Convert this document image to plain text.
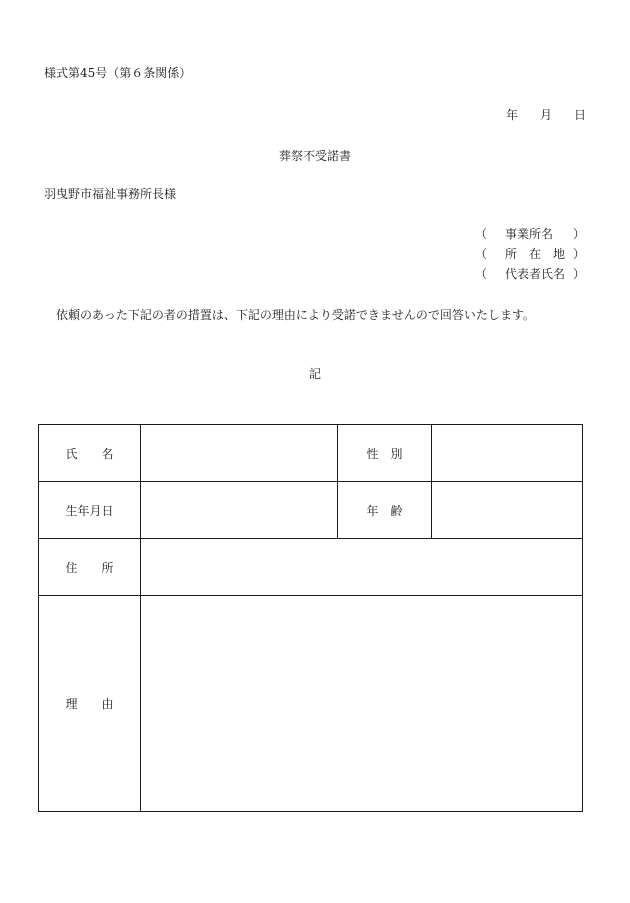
様式第45号（第６条関係）
年 月 日
葬祭不受諾書
羽曳野市福祉事務所長様
（ 事業所名 ）
（ 所　在　地 ）
（ 代表者氏名 ）
依頼のあった下記の者の措置は、下記の理由により受諾できませんので回答いたします。
記
氏　　名		性　別	
生年月日		年　齢	
住　　所			
理　　由			
